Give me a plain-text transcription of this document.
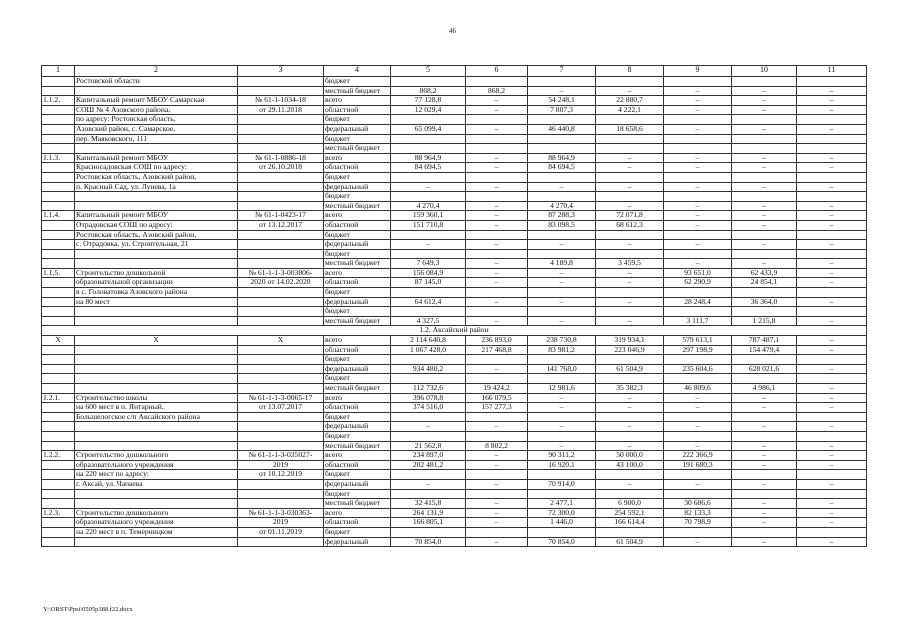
46
1	2	3	4	5	6	7	8	9	10	11
	Ростовской области		бюджет							
			местный бюджет	868,2	868,2	–	–	–	–	–
1.1.2.	Капитальный ремонт МБОУ Самарская	№ 61-1-1034-18	всего	77 128,8	–	54 248,1	22 880,7	–	–	–
	СОШ № 4 Азовского района,	от 29.11.2018	областной	12 029,4	–	7 807,3	4 222,1	–	–	–
	по адресу: Ростовская область,		бюджет							
	Азовский район, с. Самарское,		федеральный	65 099,4	–	46 440,8	18 658,6	–	–	–
	пер. Маяковского, 111		бюджет							
			местный бюджет							
1.1.3.	Капитальный ремонт МБОУ	№ 61-1-0886-18	всего	88 964,9	–	88 964,9	–	–	–	–
	Красносадовская СОШ по адресу:	от 26.10.2018	областной	84 694,5	–	84 694,5	–	–	–	–
	Ростовская область, Азовский район,		бюджет							
	п. Красный Сад, ул. Лунева, 1а		федеральный	–	–	–	–	–	–	–
			бюджет							
			местный бюджет	4 270,4	–	4 270,4	–	–	–	–
1.1.4.	Капитальный ремонт МБОУ	№ 61-1-0423-17	всего	159 360,1	–	87 288,3	72 071,8	–	–	–
	Отрадовская СОШ по адресу:	от 13.12.2017	областной	151 710,8	–	83 098,5	68 612,3	–	–	–
	Ростовская область, Азовский район,		бюджет							
	с. Отрадовка, ул. Строительная, 21		федеральный	–	–	–	–	–	–	–
			бюджет							
			местный бюджет	7 649,3	–	4 189,8	3 459,5	–	–	–
1.1.5.	Строительство дошкольной	№ 61-1-1-3-003806-	всего	156 084,9	–	–	–	93 651,0	62 433,9	–
	образовательной организации	2020 от 14.02.2020	областной	87 145,0	–	–	–	62 290,9	24 854,1	–
	в с. Головатовка Азовского района		бюджет							
	на 80 мест		федеральный	64 612,4	–	–	–	28 248,4	36 364,0	–
			бюджет							
			местный бюджет	4 327,5	–	–	–	3 111,7	1 215,8	–
1.2. Аксайский район										
X	X	X	всего	2 114 640,8	236 893,0	238 730,8	319 934,1	579 613,1	787 487,1	–
			областной	1 067 428,0	217 468,8	83 981,2	223 046,9	297 198,9	154 479,4	–
			бюджет							
			федеральный	934 480,2	–	141 768,0	61 504,9	235 604,6	628 021,6	–
			бюджет							
			местный бюджет	112 732,6	19 424,2	12 981,6	35 382,3	46 809,6	4 986,1	–
1.2.1.	Строительство школы	№ 61-1-1-3-0065-17	всего	396 078,8	166 079,5	–	–	–	–	–
	на 600 мест в п. Янтарный,	от 13.07.2017	областной	374 516,0	157 277,3	–	–	–	–	–
	Большелогское с/п Аксайского района		бюджет							
			федеральный	–	–	–	–	–	–	–
			бюджет							
			местный бюджет	21 562,8	8 802,2	–	–	–	–	–
1.2.2.	Строительство дошкольного	№ 61-1-1-3-035027-	всего	234 897,0	–	90 311,2	50 000,0	222 366,9	–	–
	образовательного учреждения	2019	областной	202 481,2	–	16 920,1	43 100,0	191 680,3	–	–
	на 220 мест по адресу:	от 10.12.2019	бюджет							
	г. Аксай, ул. Чапаева		федеральный	–	–	70 914,0	–	–	–	–
			бюджет							
			местный бюджет	32 415,8	–	2 477,1	6 900,0	30 686,6	–	–
1.2.3.	Строительство дошкольного	№ 61-1-1-3-030363-	всего	264 131,9	–	72 300,0	254 592,1	82 133,3	–	–
	образовательного учреждения	2019	областной	166 805,1	–	1 446,0	166 614,4	70 798,9	–	–
	на 220 мест в п. Темерницком	от 01.11.2019	бюджет							
			федеральный	70 854,0	–	70 854,0	61 504,9	–	–	–
Y:\ORST\Ppsi\0505p388.f22.docx
